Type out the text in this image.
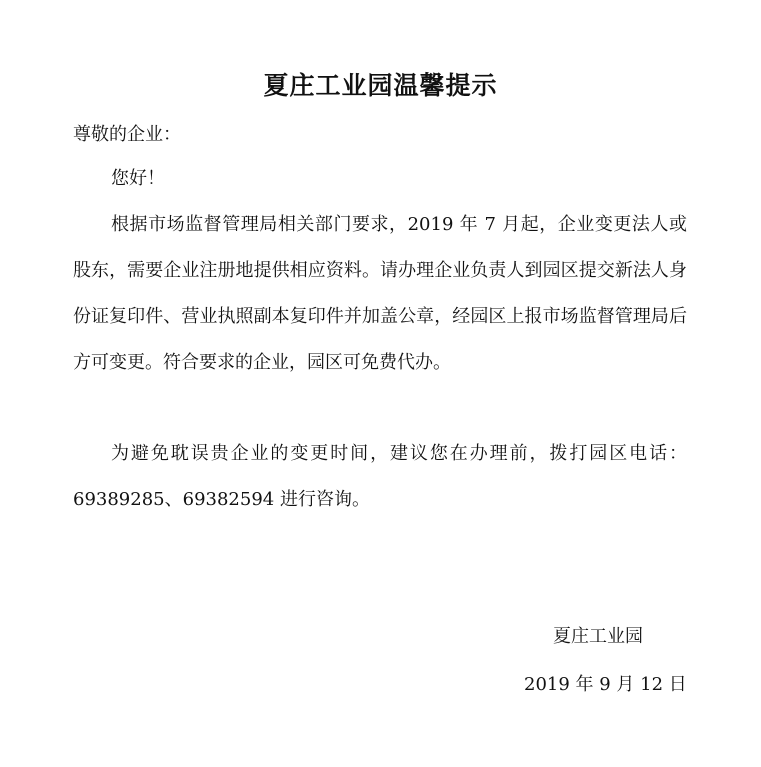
夏庄工业园温馨提示

尊敬的企业：

您好！

根据市场监督管理局相关部门要求，2019 年 7 月起，企业变更法人或股东，需要企业注册地提供相应资料。请办理企业负责人到园区提交新法人身份证复印件、营业执照副本复印件并加盖公章，经园区上报市场监督管理局后方可变更。符合要求的企业，园区可免费代办。

为避免耽误贵企业的变更时间，建议您在办理前，拨打园区电话：69389285、69382594 进行咨询。

夏庄工业园

2019 年 9 月 12 日
